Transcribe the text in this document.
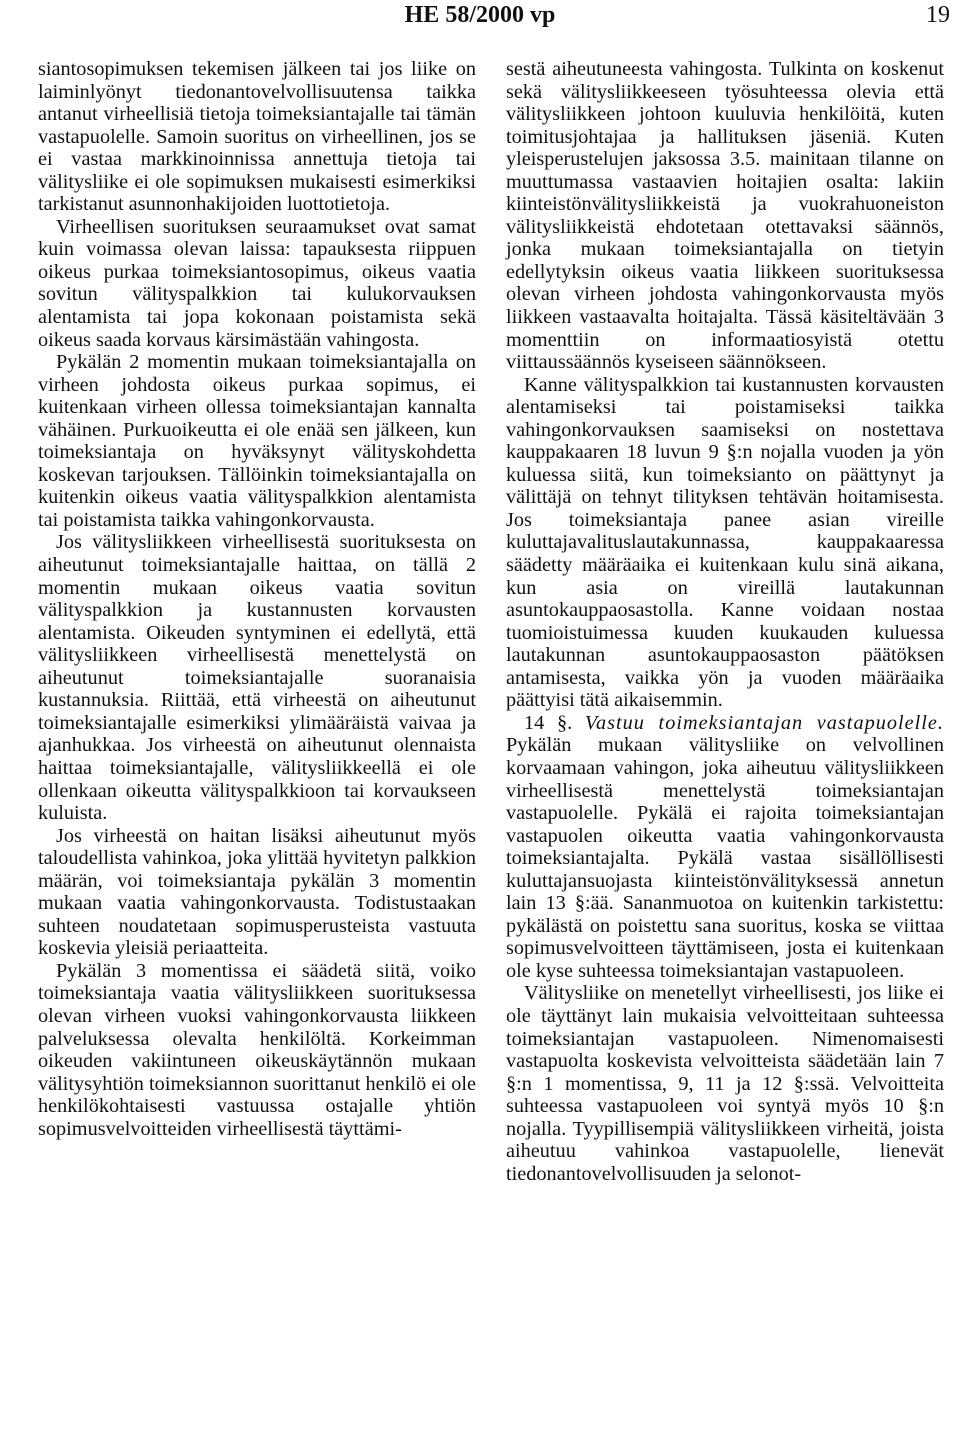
HE 58/2000 vp	19

siantosopimuksen tekemisen jälkeen tai jos liike on laiminlyönyt tiedonantovelvollisuutensa taikka antanut virheellisiä tietoja toimeksiantajalle tai tämän vastapuolelle. Samoin suoritus on virheellinen, jos se ei vastaa markkinoinnissa annettuja tietoja tai välitysliike ei ole sopimuksen mukaisesti esimerkiksi tarkistanut asunnonhakijoiden luottotietoja.

Virheellisen suorituksen seuraamukset ovat samat kuin voimassa olevan laissa: tapauksesta riippuen oikeus purkaa toimeksiantosopimus, oikeus vaatia sovitun välityspalkkion tai kulukorvauksen alentamista tai jopa kokonaan poistamista sekä oikeus saada korvaus kärsimästään vahingosta.

Pykälän 2 momentin mukaan toimeksiantajalla on virheen johdosta oikeus purkaa sopimus, ei kuitenkaan virheen ollessa toimeksiantajan kannalta vähäinen. Purkuoikeutta ei ole enää sen jälkeen, kun toimeksiantaja on hyväksynyt välityskohdetta koskevan tarjouksen. Tällöinkin toimeksiantajalla on kuitenkin oikeus vaatia välityspalkkion alentamista tai poistamista taikka vahingonkorvausta.

Jos välitysliikkeen virheellisestä suorituksesta on aiheutunut toimeksiantajalle haittaa, on tällä 2 momentin mukaan oikeus vaatia sovitun välityspalkkion ja kustannusten korvausten alentamista. Oikeuden syntyminen ei edellytä, että välitysliikkeen virheellisestä menettelystä on aiheutunut toimeksiantajalle suoranaisia kustannuksia. Riittää, että virheestä on aiheutunut toimeksiantajalle esimerkiksi ylimääräistä vaivaa ja ajanhukkaa. Jos virheestä on aiheutunut olennaista haittaa toimeksiantajalle, välitysliikkeellä ei ole ollenkaan oikeutta välityspalkkioon tai korvaukseen kuluista.

Jos virheestä on haitan lisäksi aiheutunut myös taloudellista vahinkoa, joka ylittää hyvitetyn palkkion määrän, voi toimeksiantaja pykälän 3 momentin mukaan vaatia vahingonkorvausta. Todistustaakan suhteen noudatetaan sopimusperusteista vastuuta koskevia yleisiä periaatteita.

Pykälän 3 momentissa ei säädetä siitä, voiko toimeksiantaja vaatia välitysliikkeen suorituksessa olevan virheen vuoksi vahingonkorvausta liikkeen palveluksessa olevalta henkilöltä. Korkeimman oikeuden vakiintuneen oikeuskäytännön mukaan välitysyhtiön toimeksiannon suorittanut henkilö ei ole henkilökohtaisesti vastuussa ostajalle yhtiön sopimusvelvoitteiden virheellisestä täyttämi-

sestä aiheutuneesta vahingosta. Tulkinta on koskenut sekä välitysliikkeeseen työsuhteessa olevia että välitysliikkeen johtoon kuuluvia henkilöitä, kuten toimitusjohtajaa ja hallituksen jäseniä. Kuten yleisperustelujen jaksossa 3.5. mainitaan tilanne on muuttumassa vastaavien hoitajien osalta: lakiin kiinteistönvälitysliikkeistä ja vuokrahuoneiston välitysliikkeistä ehdotetaan otettavaksi säännös, jonka mukaan toimeksiantajalla on tietyin edellytyksin oikeus vaatia liikkeen suorituksessa olevan virheen johdosta vahingonkorvausta myös liikkeen vastaavalta hoitajalta. Tässä käsiteltävään 3 momenttiin on informaatiosyistä otettu viittaussäännös kyseiseen säännökseen.

Kanne välityspalkkion tai kustannusten korvausten alentamiseksi tai poistamiseksi taikka vahingonkorvauksen saamiseksi on nostettava kauppakaaren 18 luvun 9 §:n nojalla vuoden ja yön kuluessa siitä, kun toimeksianto on päättynyt ja välittäjä on tehnyt tilityksen tehtävän hoitamisesta. Jos toimeksiantaja panee asian vireille kuluttajavalituslautakunnassa, kauppakaaressa säädetty määräaika ei kuitenkaan kulu sinä aikana, kun asia on vireillä lautakunnan asuntokauppaosastolla. Kanne voidaan nostaa tuomioistuimessa kuuden kuukauden kuluessa lautakunnan asuntokauppaosaston päätöksen antamisesta, vaikka yön ja vuoden määräaika päättyisi tätä aikaisemmin.

14 §. Vastuu toimeksiantajan vastapuolelle. Pykälän mukaan välitysliike on velvollinen korvaamaan vahingon, joka aiheutuu välitysliikkeen virheellisestä menettelystä toimeksiantajan vastapuolelle. Pykälä ei rajoita toimeksiantajan vastapuolen oikeutta vaatia vahingonkorvausta toimeksiantajalta. Pykälä vastaa sisällöllisesti kuluttajansuojasta kiinteistönvälityksessä annetun lain 13 §:ää. Sananmuotoa on kuitenkin tarkistettu: pykälästä on poistettu sana suoritus, koska se viittaa sopimusvelvoitteen täyttämiseen, josta ei kuitenkaan ole kyse suhteessa toimeksiantajan vastapuoleen.

Välitysliike on menetellyt virheellisesti, jos liike ei ole täyttänyt lain mukaisia velvoitteitaan suhteessa toimeksiantajan vastapuoleen. Nimenomaisesti vastapuolta koskevista velvoitteista säädetään lain 7 §:n 1 momentissa, 9, 11 ja 12 §:ssä. Velvoitteita suhteessa vastapuoleen voi syntyä myös 10 §:n nojalla. Tyypillisempiä välitysliikkeen virheitä, joista aiheutuu vahinkoa vastapuolelle, lienevät tiedonantovelvollisuuden ja selonot-
